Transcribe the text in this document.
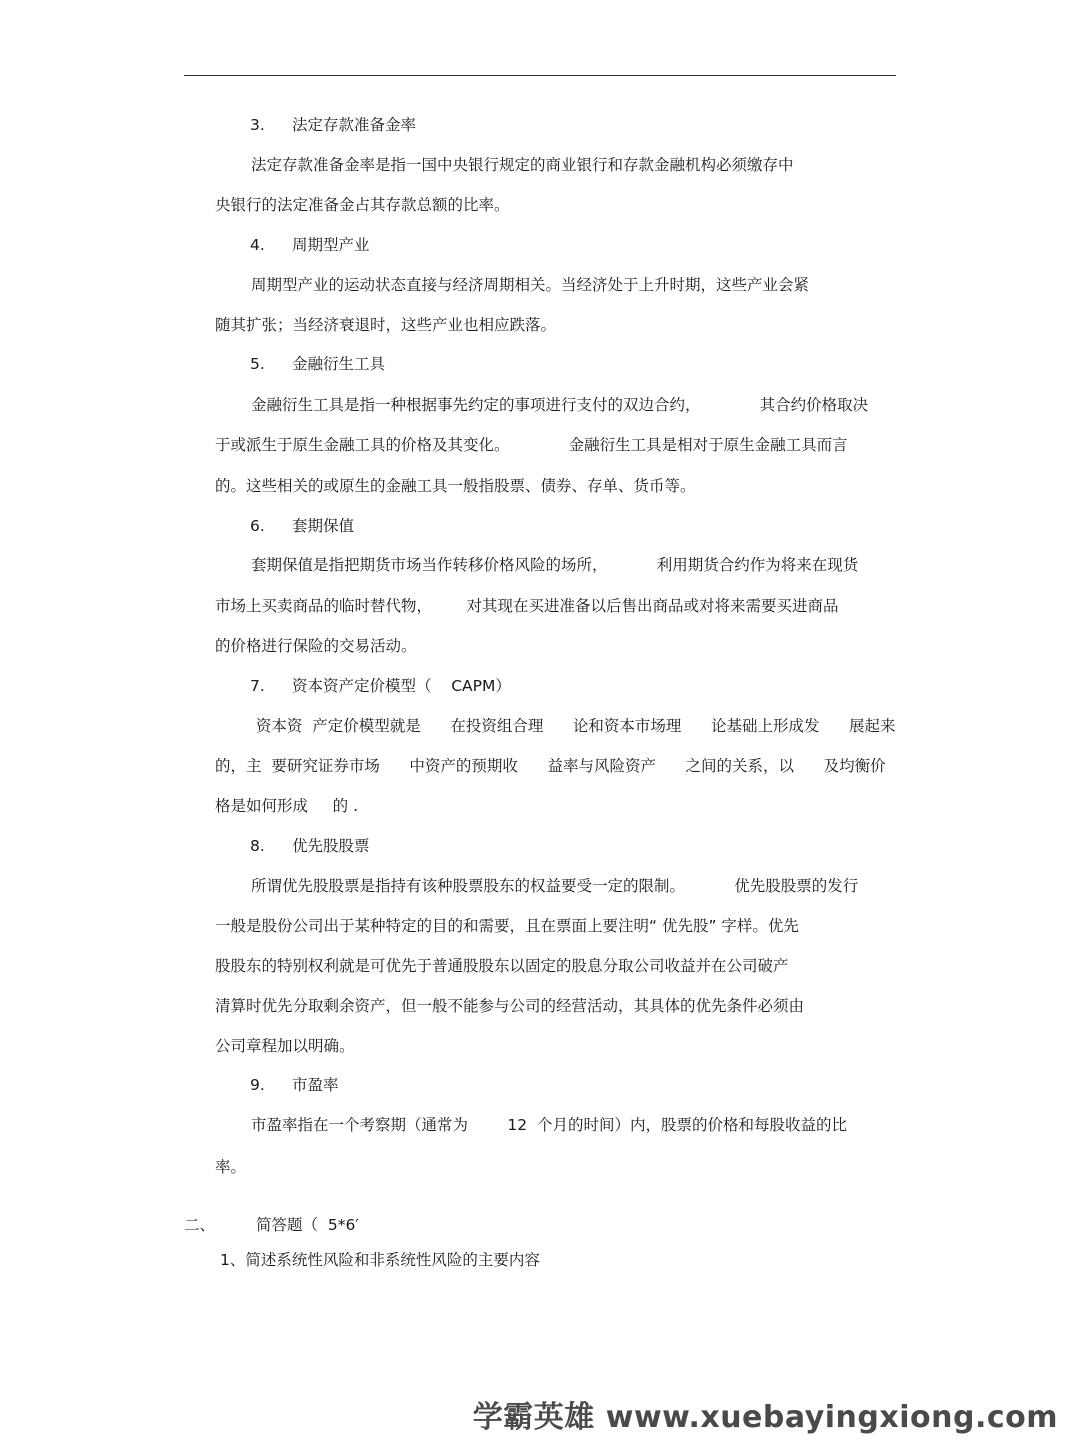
3. 法定存款准备金率
法定存款准备金率是指一国中央银行规定的商业银行和存款金融机构必须缴存中
央银行的法定准备金占其存款总额的比率。
4. 周期型产业
周期型产业的运动状态直接与经济周期相关。当经济处于上升时期，这些产业会紧
随其扩张；当经济衰退时，这些产业也相应跌落。
5. 金融衍生工具
金融衍生工具是指一种根据事先约定的事项进行支付的双边合约，            其合约价格取决
于或派生于原生金融工具的价格及其变化。            金融衍生工具是相对于原生金融工具而言
的。这些相关的或原生的金融工具一般指股票、债券、存单、货币等。
6. 套期保值
套期保值是指把期货市场当作转移价格风险的场所，          利用期货合约作为将来在现货
市场上买卖商品的临时替代物，       对其现在买进准备以后售出商品或对将来需要买进商品
的价格进行保险的交易活动。
7. 资本资产定价模型（    CAPM）
资本资  产定价模型就是      在投资组合理      论和资本市场理      论基础上形成发      展起来
的，主  要研究证券市场      中资产的预期收      益率与风险资产      之间的关系，以      及均衡价
格是如何形成     的 .
8. 优先股股票
所谓优先股股票是指持有该种股票股东的权益要受一定的限制。          优先股股票的发行
一般是股份公司出于某种特定的目的和需要，且在票面上要注明“ 优先股” 字样。优先
股股东的特别权利就是可优先于普通股股东以固定的股息分取公司收益并在公司破产
清算时优先分取剩余资产，但一般不能参与公司的经营活动，其具体的优先条件必须由
公司章程加以明确。
9. 市盈率
市盈率指在一个考察期（通常为        12  个月的时间）内，股票的价格和每股收益的比
率。
二、	简答题（  5*6′
1、简述系统性风险和非系统性风险的主要内容
学霸英雄 www.xuebayingxiong.com
